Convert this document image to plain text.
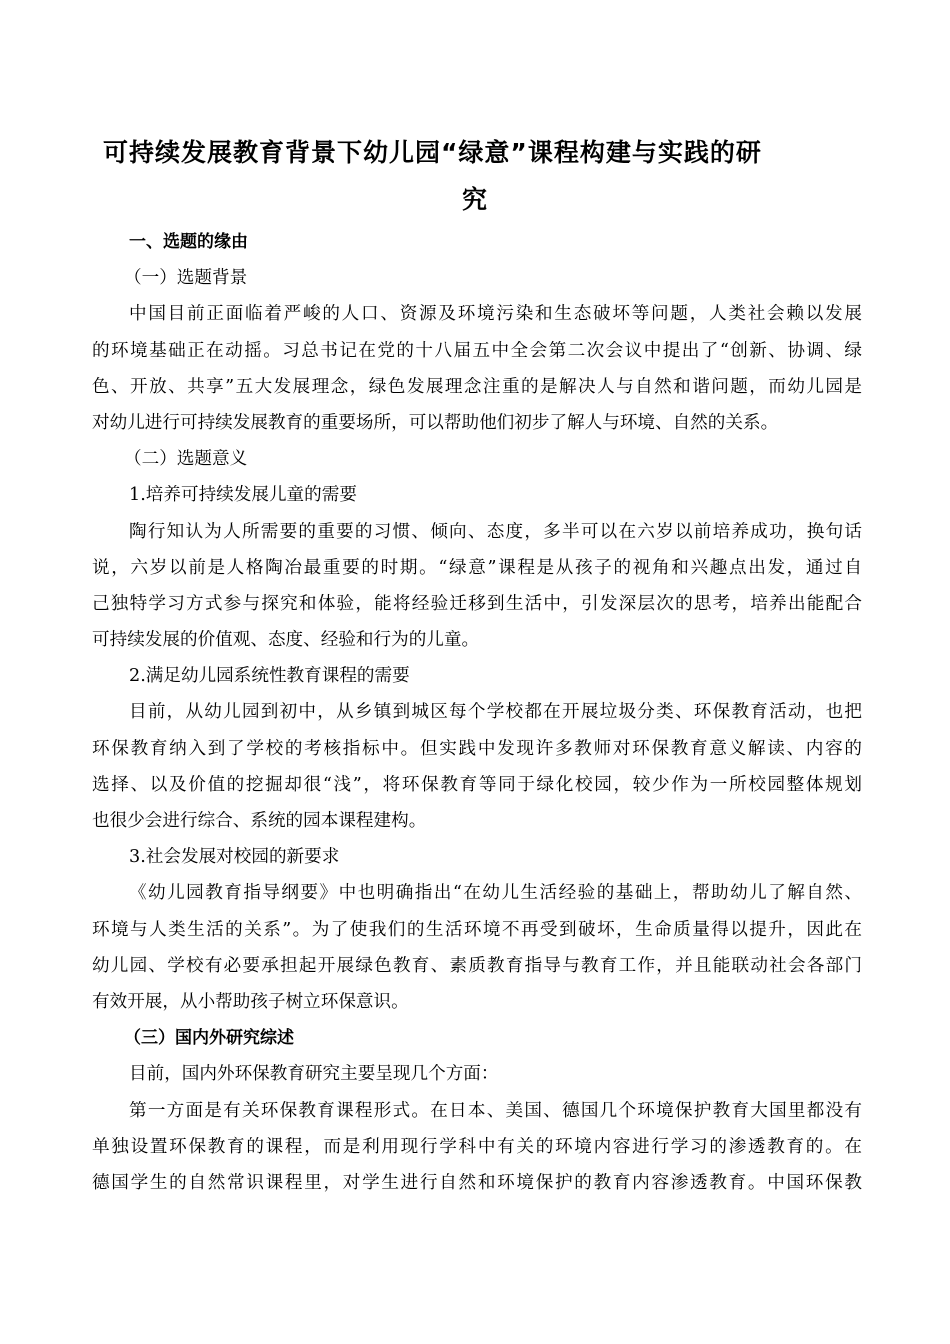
可持续发展教育背景下幼儿园“绿意”课程构建与实践的研
究
一、选题的缘由
（一）选题背景
中国目前正面临着严峻的人口、资源及环境污染和生态破坏等问题，人类社会赖以发展
的环境基础正在动摇。习总书记在党的十八届五中全会第二次会议中提出了“创新、协调、绿
色、开放、共享”五大发展理念，绿色发展理念注重的是解决人与自然和谐问题，而幼儿园是
对幼儿进行可持续发展教育的重要场所，可以帮助他们初步了解人与环境、自然的关系。
（二）选题意义
1.培养可持续发展儿童的需要
陶行知认为人所需要的重要的习惯、倾向、态度，多半可以在六岁以前培养成功，换句话
说，六岁以前是人格陶冶最重要的时期。“绿意”课程是从孩子的视角和兴趣点出发，通过自
己独特学习方式参与探究和体验，能将经验迁移到生活中，引发深层次的思考，培养出能配合
可持续发展的价值观、态度、经验和行为的儿童。
2.满足幼儿园系统性教育课程的需要
目前，从幼儿园到初中，从乡镇到城区每个学校都在开展垃圾分类、环保教育活动，也把
环保教育纳入到了学校的考核指标中。但实践中发现许多教师对环保教育意义解读、内容的
选择、以及价值的挖掘却很“浅”，将环保教育等同于绿化校园，较少作为一所校园整体规划
也很少会进行综合、系统的园本课程建构。
3.社会发展对校园的新要求
《幼儿园教育指导纲要》中也明确指出“在幼儿生活经验的基础上，帮助幼儿了解自然、
环境与人类生活的关系”。为了使我们的生活环境不再受到破坏，生命质量得以提升，因此在
幼儿园、学校有必要承担起开展绿色教育、素质教育指导与教育工作，并且能联动社会各部门
有效开展，从小帮助孩子树立环保意识。
（三）国内外研究综述
目前，国内外环保教育研究主要呈现几个方面：
第一方面是有关环保教育课程形式。在日本、美国、德国几个环境保护教育大国里都没有
单独设置环保教育的课程，而是利用现行学科中有关的环境内容进行学习的渗透教育的。在
德国学生的自然常识课程里，对学生进行自然和环境保护的教育内容渗透教育。中国环保教
